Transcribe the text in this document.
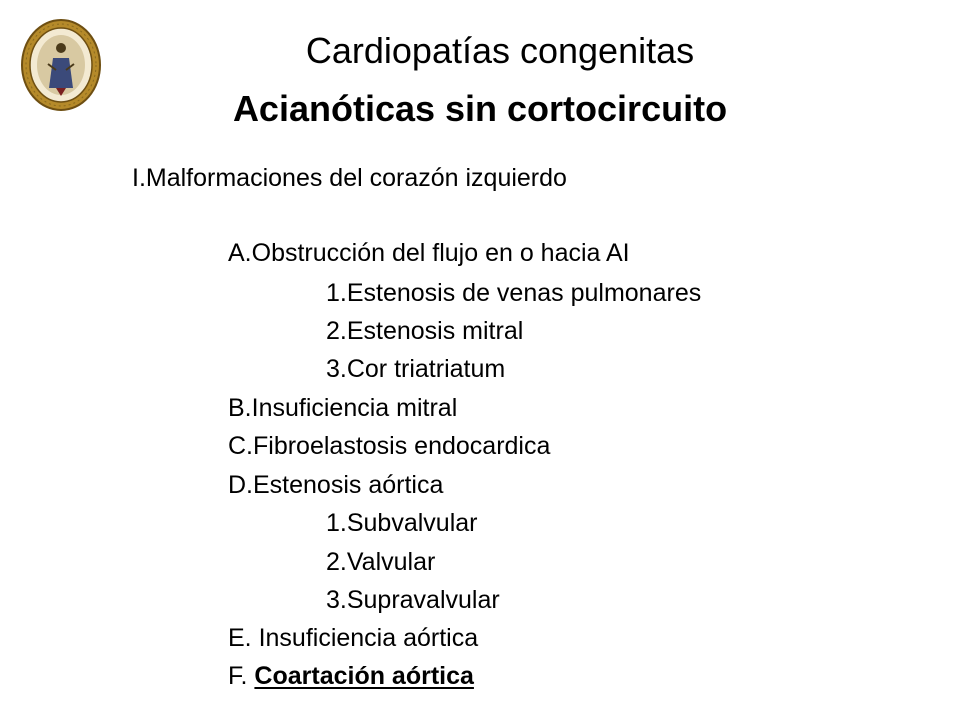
Cardiopatías congenitas
Acianóticas sin cortocircuito
I.Malformaciones del corazón izquierdo
A.Obstrucción del flujo en o hacia AI
1.Estenosis de venas pulmonares
2.Estenosis mitral
3.Cor triatriatum
B.Insuficiencia mitral
C.Fibroelastosis endocardica
D.Estenosis aórtica
1.Subvalvular
2.Valvular
3.Supravalvular
E. Insuficiencia aórtica
F. Coartación aórtica
